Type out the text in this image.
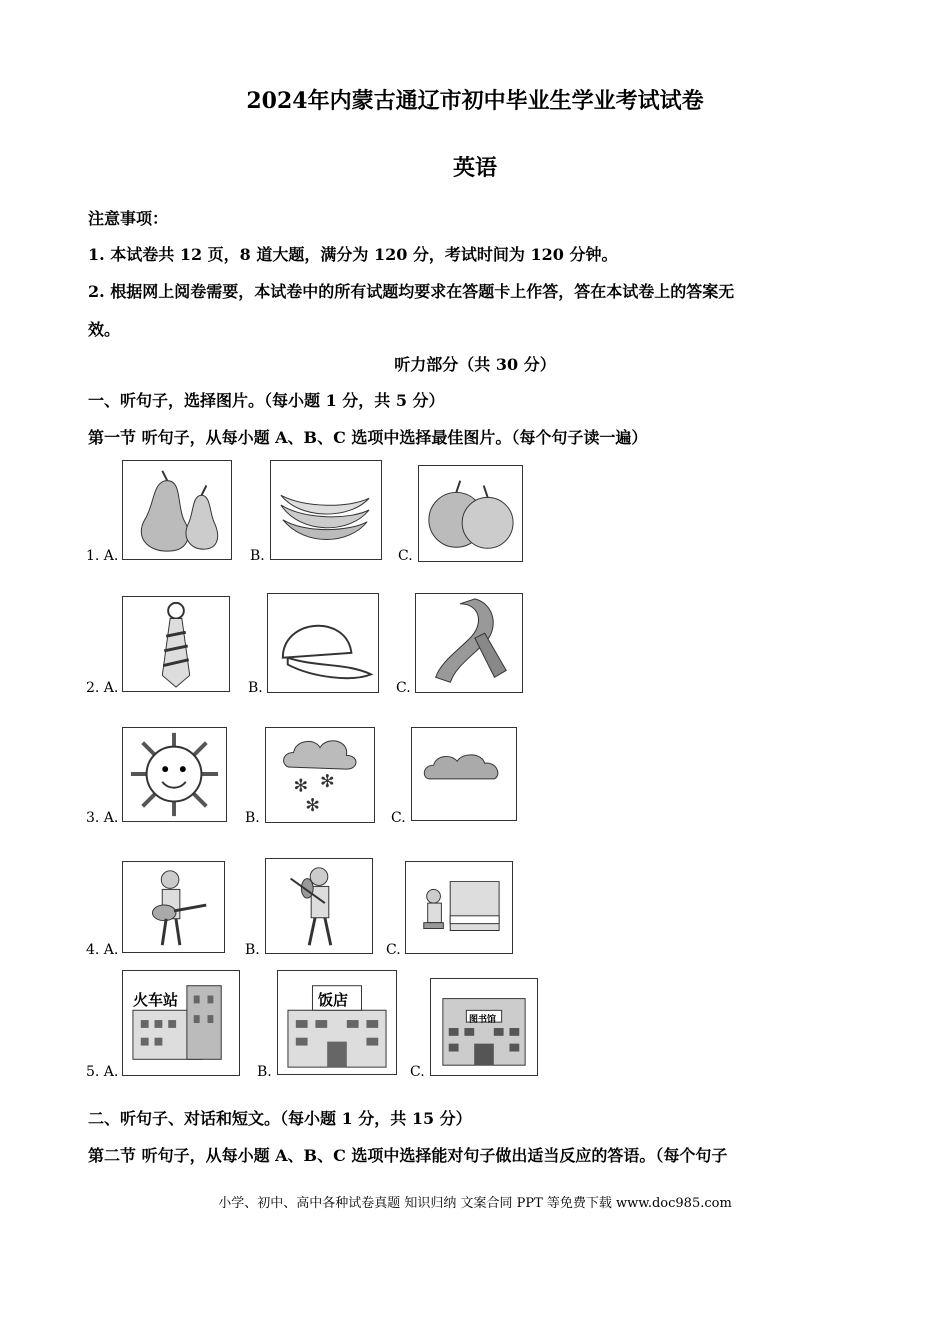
2024年内蒙古通辽市初中毕业生学业考试试卷
英语
注意事项：
1. 本试卷共 12 页，8 道大题，满分为 120 分，考试时间为 120 分钟。
2. 根据网上阅卷需要，本试卷中的所有试题均要求在答题卡上作答，答在本试卷上的答案无
效。
听力部分（共 30 分）
一、听句子，选择图片。（每小题 1 分，共 5 分）
第一节 听句子，从每小题 A、B、C 选项中选择最佳图片。（每个句子读一遍）
1. A.	B.	C.
2. A.	B.	C.
3. A.	B.
✻ ✻
✻
C.
4. A.	B.	C.
5. A.
火车站
B.
饭店
C.
图书馆
二、听句子、对话和短文。（每小题 1 分，共 15 分）
第二节 听句子，从每小题 A、B、C 选项中选择能对句子做出适当反应的答语。（每个句子
小学、初中、高中各种试卷真题 知识归纳 文案合同 PPT 等免费下载 www.doc985.com
